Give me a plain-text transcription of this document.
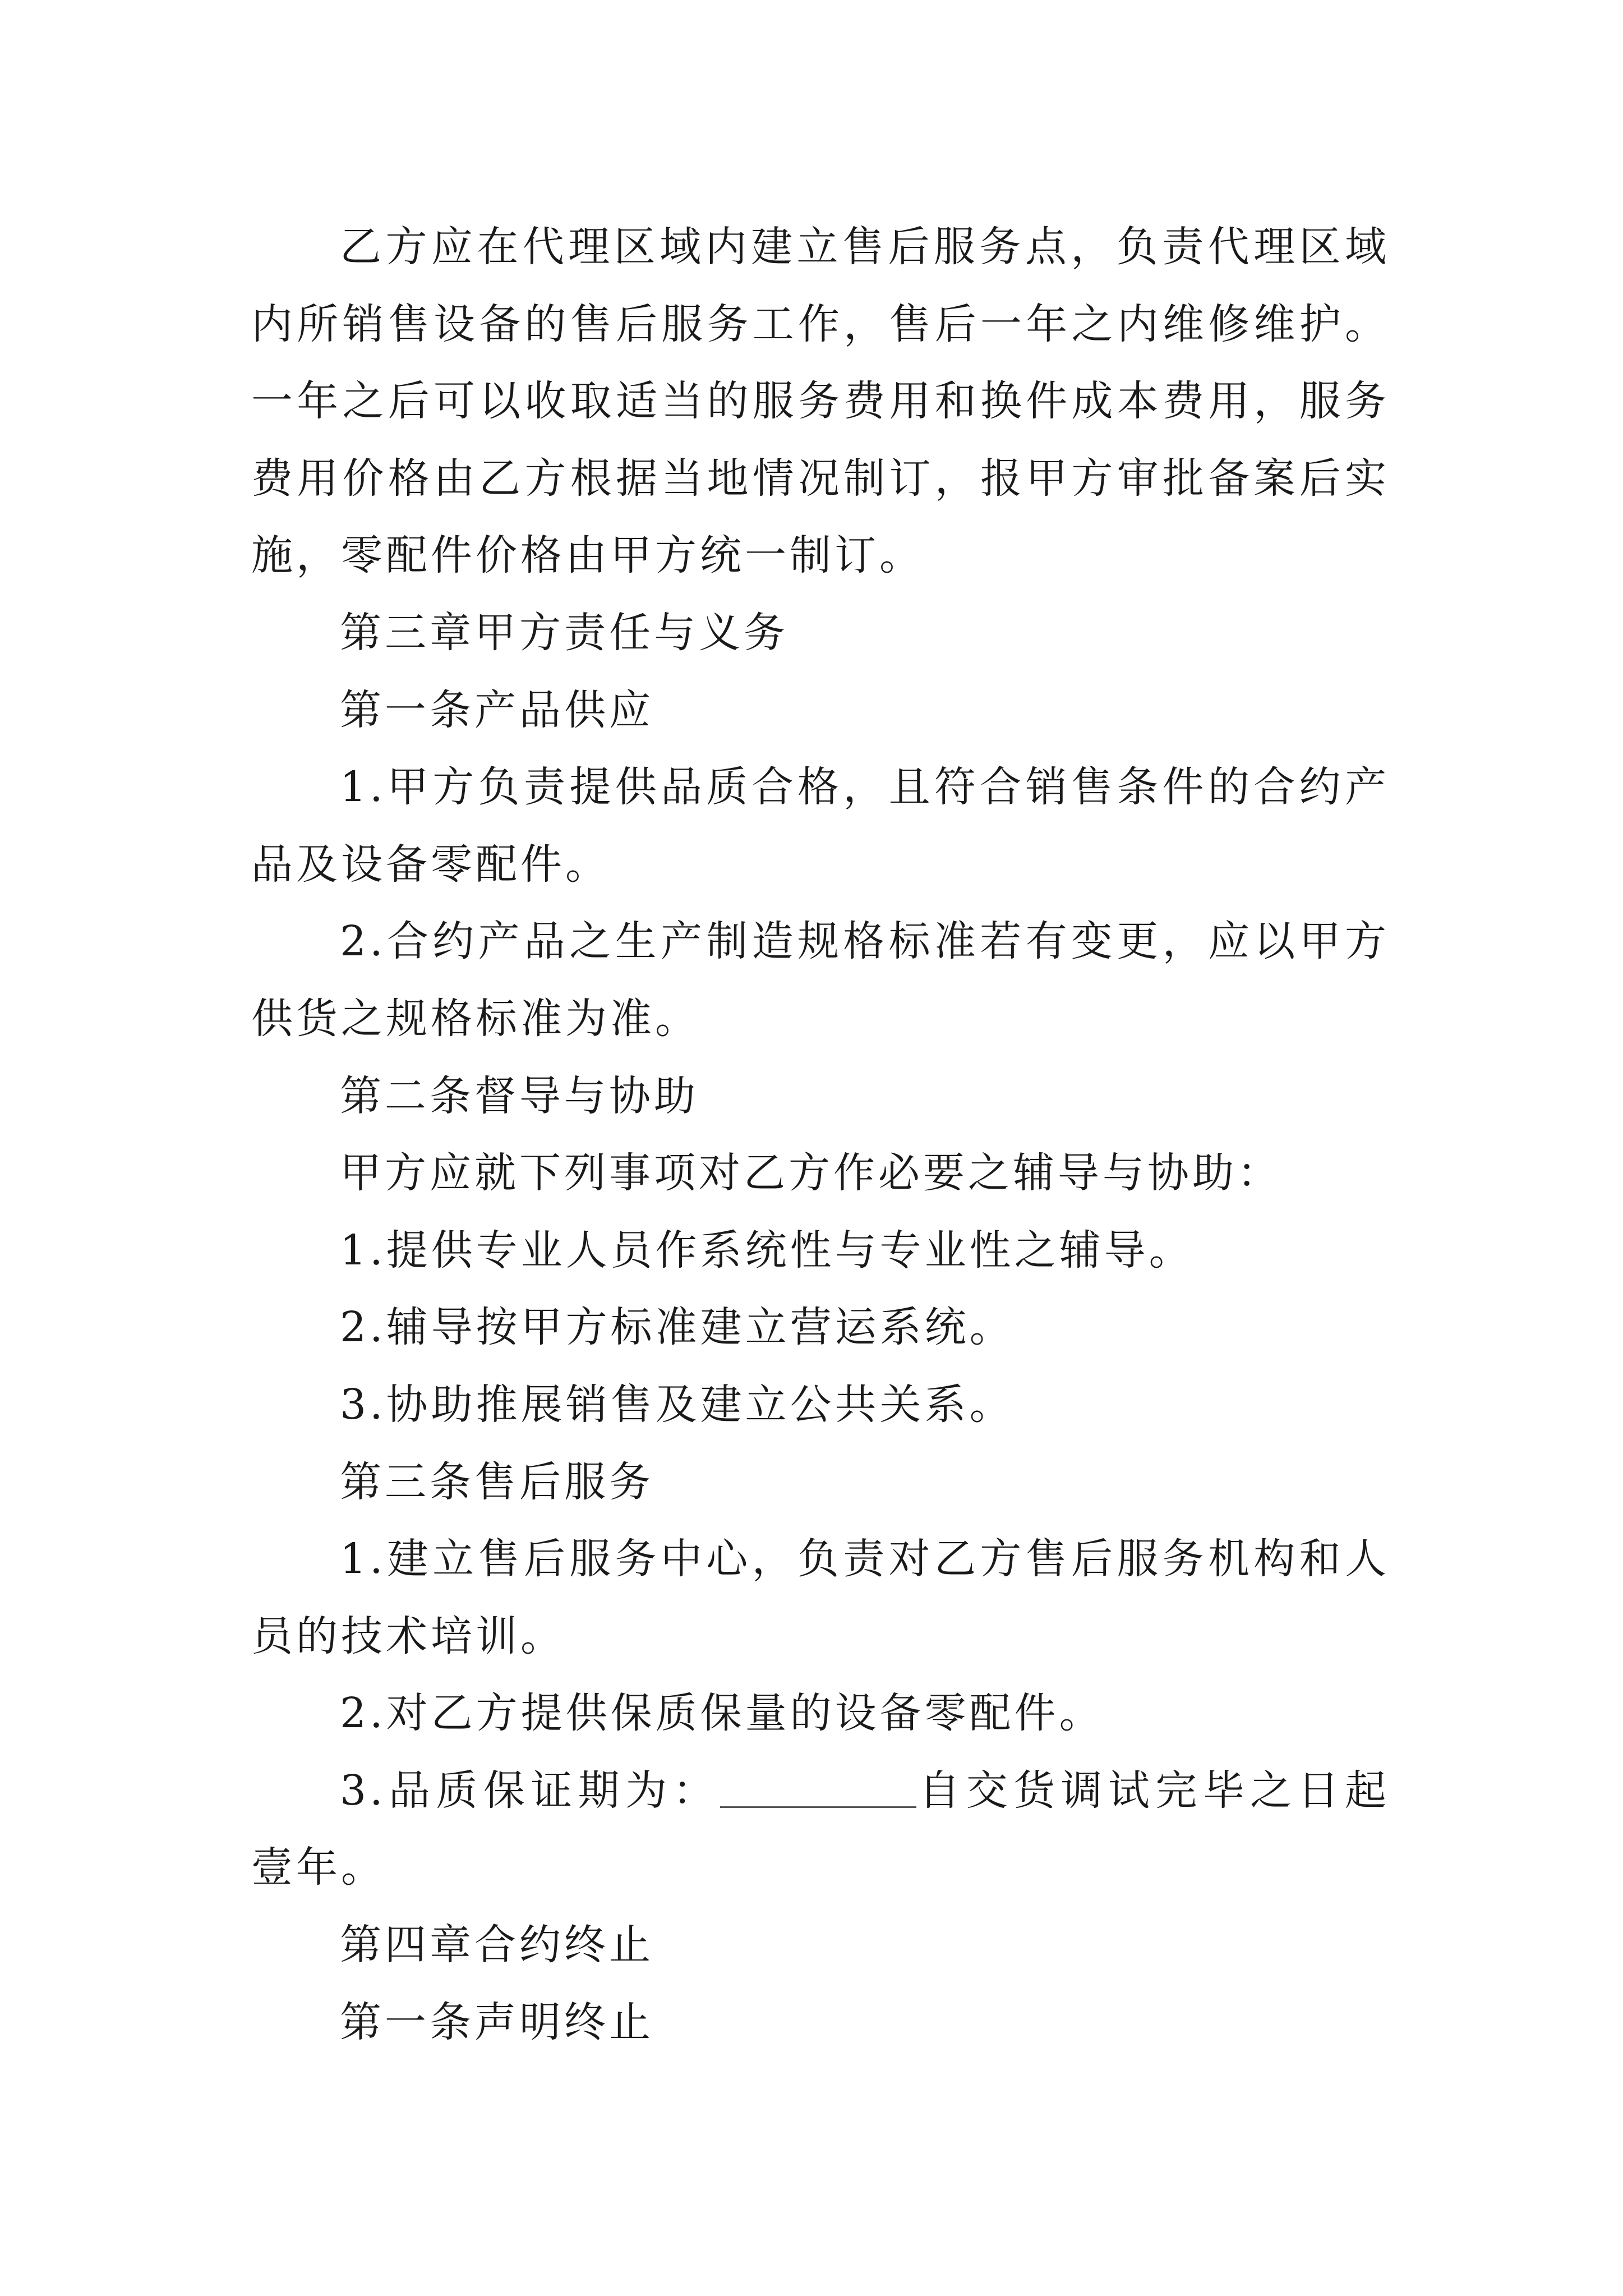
乙方应在代理区域内建立售后服务点，负责代理区域内所销售设备的售后服务工作，售后一年之内维修维护。一年之后可以收取适当的服务费用和换件成本费用，服务费用价格由乙方根据当地情况制订，报甲方审批备案后实施，零配件价格由甲方统一制订。

第三章甲方责任与义务

第一条产品供应

1.甲方负责提供品质合格，且符合销售条件的合约产品及设备零配件。

2.合约产品之生产制造规格标准若有变更，应以甲方供货之规格标准为准。

第二条督导与协助

甲方应就下列事项对乙方作必要之辅导与协助：

1.提供专业人员作系统性与专业性之辅导。

2.辅导按甲方标准建立营运系统。

3.协助推展销售及建立公共关系。

第三条售后服务

1.建立售后服务中心，负责对乙方售后服务机构和人员的技术培训。

2.对乙方提供保质保量的设备零配件。

3.品质保证期为：	自交货调试完毕之日起壹年。

第四章合约终止

第一条声明终止
